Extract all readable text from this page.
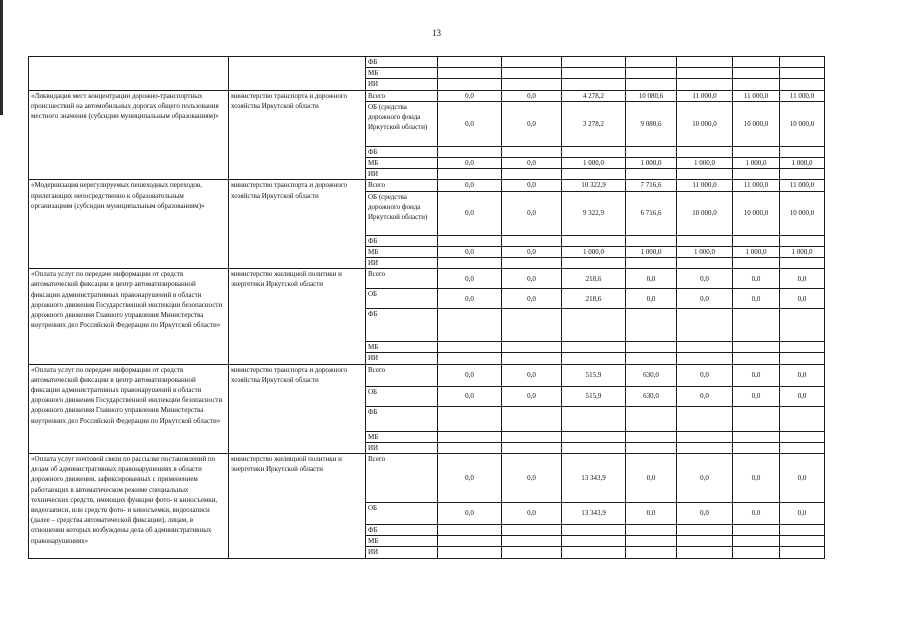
13
		ФБ							
		МБ							
		ИИ							
«Ликвидация мест концентрации дорожно-транспортных происшествий на автомобильных дорогах общего пользования местного значения (субсидии муниципальным образованиям)»	министерство транспорта и дорожного хозяйства Иркутской области	Всего	0,0	0,0	4 278,2	10 080,6	11 000,0	11 000,0	11 000,0
		ОБ (средства дорожного фонда Иркутской области)	0,0	0,0	3 278,2	9 080,6	10 000,0	10 000,0	10 000,0
		ФБ							
		МБ	0,0	0,0	1 000,0	1 000,0	1 000,0	1 000,0	1 000,0
		ИИ							
«Модернизация нерегулируемых пешеходных переходов, прилегающих непосредственно к образовательным организациям (субсидии муниципальным образованиям)»	министерство транспорта и дорожного хозяйства Иркутской области	Всего	0,0	0,0	10 322,9	7 716,6	11 000,0	11 000,0	11 000,0
		ОБ (средства дорожного фонда Иркутской области)	0,0	0,0	9 322,9	6 716,6	10 000,0	10 000,0	10 000,0
		ФБ							
		МБ	0,0	0,0	1 000,0	1 000,0	1 000,0	1 000,0	1 000,0
		ИИ							
«Оплата услуг по передаче информации от средств автоматической фиксации в центр автоматизированной фиксации административных правонарушений в области дорожного движения Государственной инспекции безопасности дорожного движения Главного управления Министерства внутренних дел Российской Федерации по Иркутской области»	министерство жилищной политики и энергетики Иркутской области	Всего	0,0	0,0	218,6	0,0	0,0	0,0	0,0
		ОБ	0,0	0,0	218,6	0,0	0,0	0,0	0,0
		ФБ							
		МБ							
		ИИ							
«Оплата услуг по передаче информации от средств автоматической фиксации в центр автоматизированной фиксации административных правонарушений в области дорожного движения Государственной инспекции безопасности дорожного движения Главного управления Министерства внутренних дел Российской Федерации по Иркутской области»	министерство транспорта и дорожного хозяйства Иркутской области	Всего	0,0	0,0	515,9	630,0	0,0	0,0	0,0
		ОБ	0,0	0,0	515,9	630,0	0,0	0,0	0,0
		ФБ							
		МБ							
		ИИ							
«Оплата услуг почтовой связи по рассылке постановлений по делам об административных правонарушениях в области дорожного движения, зафиксированных с применением работающих в автоматическом режиме специальных технических средств, имеющих функции фото- и киносъемки, видеозаписи, или средств фото- и киносъемки, видеозаписи (далее – средства автоматической фиксации), лицам, в отношении которых возбуждены дела об административных правонарушениях»	министерство жилищной политики и энергетики Иркутской области	Всего	0,0	0,0	13 343,9	0,0	0,0	0,0	0,0
		ОБ	0,0	0,0	13 343,9	0,0	0,0	0,0	0,0
		ФБ							
		МБ							
		ИИ							
